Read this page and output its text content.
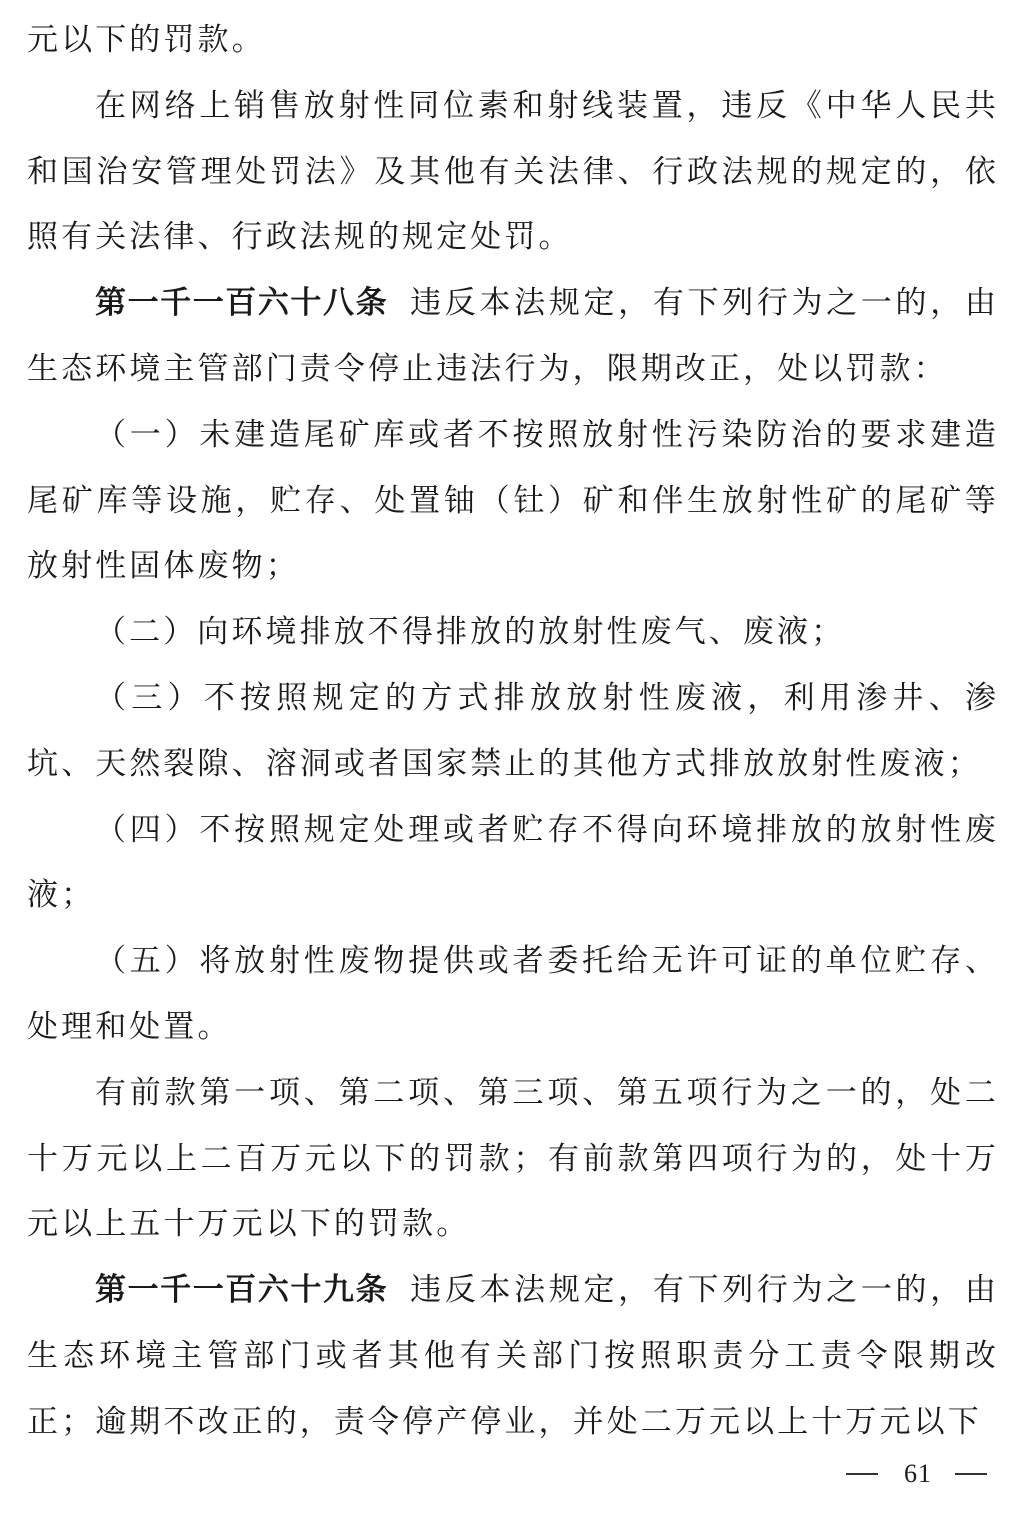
元以下的罚款。

在网络上销售放射性同位素和射线装置，违反《中华人民共和国治安管理处罚法》及其他有关法律、行政法规的规定的，依照有关法律、行政法规的规定处罚。

第一千一百六十八条 违反本法规定，有下列行为之一的，由生态环境主管部门责令停止违法行为，限期改正，处以罚款：

（一）未建造尾矿库或者不按照放射性污染防治的要求建造尾矿库等设施，贮存、处置铀（钍）矿和伴生放射性矿的尾矿等放射性固体废物；

（二）向环境排放不得排放的放射性废气、废液；

（三）不按照规定的方式排放放射性废液，利用渗井、渗坑、天然裂隙、溶洞或者国家禁止的其他方式排放放射性废液；

（四）不按照规定处理或者贮存不得向环境排放的放射性废液；

（五）将放射性废物提供或者委托给无许可证的单位贮存、处理和处置。

有前款第一项、第二项、第三项、第五项行为之一的，处二十万元以上二百万元以下的罚款；有前款第四项行为的，处十万元以上五十万元以下的罚款。

第一千一百六十九条 违反本法规定，有下列行为之一的，由生态环境主管部门或者其他有关部门按照职责分工责令限期改正；逾期不改正的，责令停产停业，并处二万元以上十万元以下

61
